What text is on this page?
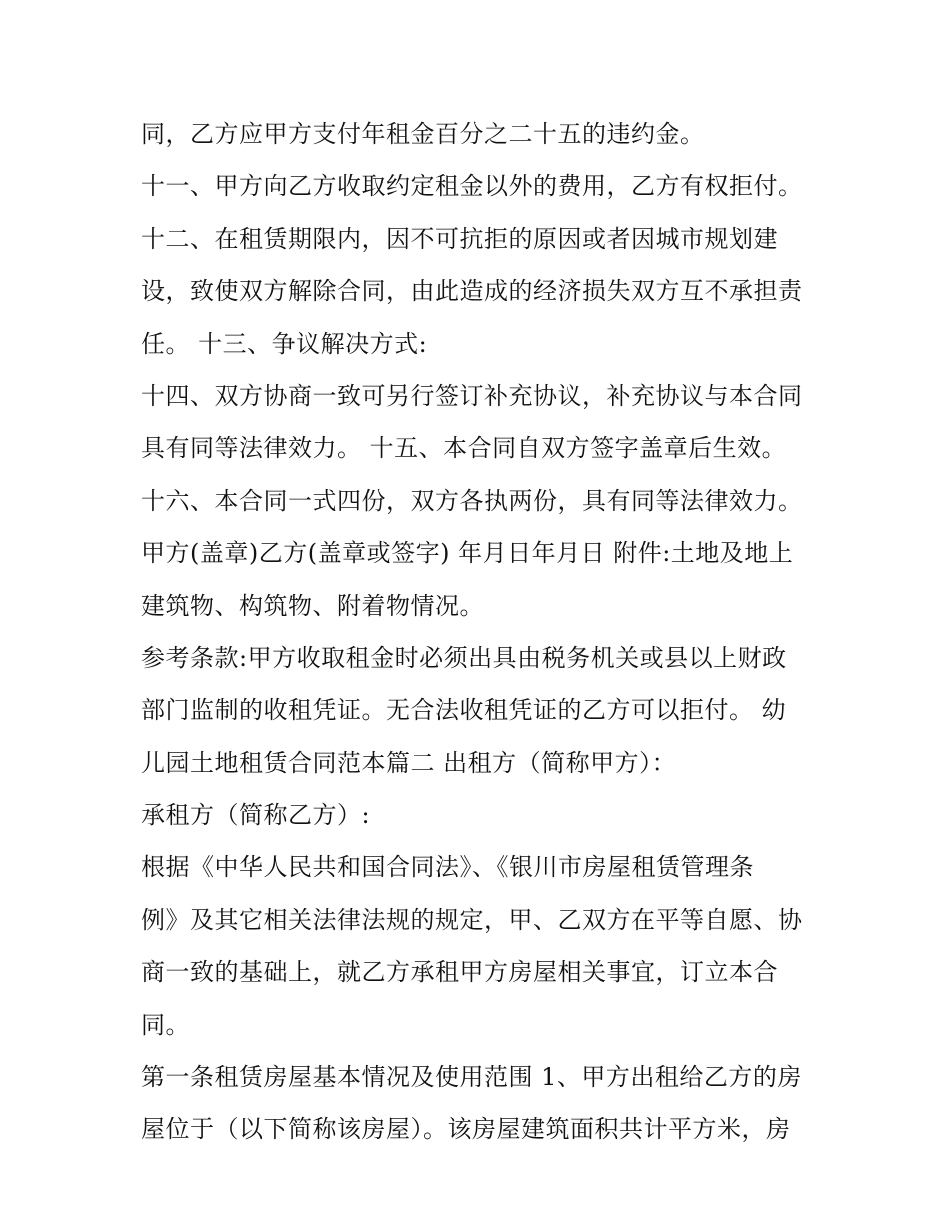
同，乙方应甲方支付年租金百分之二十五的违约金。
十一、甲方向乙方收取约定租金以外的费用，乙方有权拒付。
十二、在租赁期限内，因不可抗拒的原因或者因城市规划建
设，致使双方解除合同，由此造成的经济损失双方互不承担责
任。 十三、争议解决方式:
十四、双方协商一致可另行签订补充协议，补充协议与本合同
具有同等法律效力。 十五、本合同自双方签字盖章后生效。
十六、本合同一式四份，双方各执两份，具有同等法律效力。
甲方(盖章)乙方(盖章或签字) 年月日年月日 附件:土地及地上
建筑物、构筑物、附着物情况。
参考条款:甲方收取租金时必须出具由税务机关或县以上财政
部门监制的收租凭证。无合法收租凭证的乙方可以拒付。 幼
儿园土地租赁合同范本篇二 出租方（简称甲方）：
承租方（简称乙方）:
根据《中华人民共和国合同法》、《银川市房屋租赁管理条
例》及其它相关法律法规的规定，甲、乙双方在平等自愿、协
商一致的基础上，就乙方承租甲方房屋相关事宜，订立本合
同。
第一条租赁房屋基本情况及使用范围 1、甲方出租给乙方的房
屋位于（以下简称该房屋）。该房屋建筑面积共计平方米，房
